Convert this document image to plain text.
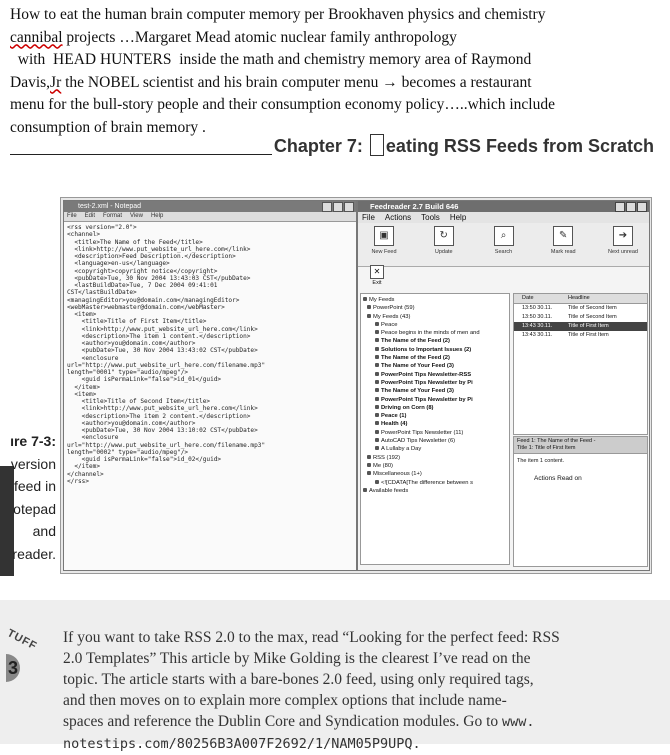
How to eat the human brain computer memory per Brookhaven physics and chemistry
cannibal projects …Margaret Mead atomic nuclear family anthropology
with  HEAD HUNTERS  inside the math and chemistry memory area of Raymond
Davis,Jr the NOBEL scientist and his brain computer menu → becomes a restaurant
menu for the bull-story people and their consumption economy policy…..which include
consumption of brain memory .
Chapter 7: eating RSS Feeds from Scratch
ıre 7-3:
version
feed in
otepad
and
reader.
test-2.xml - Notepad
File Edit Format View Help
<rss version="2.0">
<channel>
<title>The Name of the Feed</title>
<link>http://www.put_website_url_here.com</link>
<description>Feed Description.</description>
<language>en-us</language>
<copyright>copyright notice</copyright>
<pubDate>Tue, 30 Nov 2004 13:43:03 CST</pubDate>
<lastBuildDate>Tue, 7 Dec 2004 09:41:01
CST</lastBuildDate>
<managingEditor>you@domain.com</managingEditor>
<webMaster>webmaster@domain.com</webMaster>
<item>
<title>Title of First Item</title>
<link>http://www.put_website_url_here.com</link>
<description>The item 1 content.</description>
<author>you@domain.com</author>
<pubDate>Tue, 30 Nov 2004 13:43:02 CST</pubDate>
<enclosure
url="http://www.put_website_url_here.com/filename.mp3"
length="0001" type="audio/mpeg"/>
<guid isPermaLink="false">id_01</guid>
</item>
<item>
<title>Title of Second Item</title>
<link>http://www.put_website_url_here.com</link>
<description>The item 2 content.</description>
<author>you@domain.com</author>
<pubDate>Tue, 30 Nov 2004 13:10:02 CST</pubDate>
<enclosure
url="http://www.put_website_url_here.com/filename.mp3"
length="0002" type="audio/mpeg"/>
<guid isPermaLink="false">id_02</guid>
</item>
</channel>
</rss>
Feedreader 2.7 Build 646
File Actions Tools Help
▣
New Feed
↻
Update
⌕
Search
✎
Mark read
➔
Next unread
✕
Exit
My Feeds
PowerPoint (59)
My Feeds (43)
Peace
Peace begins in the minds of men and
The Name of the Feed (2)
Solutions to Important Issues (2)
The Name of the Feed (2)
The Name of Your Feed (3)
PowerPoint Tips Newsletter-RSS
PowerPoint Tips Newsletter by Pi
The Name of Your Feed (3)
PowerPoint Tips Newsletter by Pi
Driving on Corn (8)
Peace (1)
Health (4)
PowerPoint Tips Newsletter (11)
AutoCAD Tips Newsletter (6)
A Lullaby a Day
RSS (192)
Me (80)
Miscellaneous (1+)
<![CDATA[The difference between s
Available feeds
Date	Headline
13:50 30.11.	Title of Second Item
13:50 30.11.	Title of Second Item
13:43 30.11.	Title of First Item
13:43 30.11.	Title of First Item
Feed 1: The Name of the Feed -
Title 1: Title of First Item
The item 1 content.
Actions Read on
TUFF
3
If you want to take RSS 2.0 to the max, read “Looking for the perfect feed: RSS
2.0 Templates” This article by Mike Golding is the clearest I’ve read on the
topic. The article starts with a bare-bones 2.0 feed, using only required tags,
and then moves on to explain more complex options that include name-
spaces and reference the Dublin Core and Syndication modules. Go to www.
notestips.com/80256B3A007F2692/1/NAM05P9UPQ.
